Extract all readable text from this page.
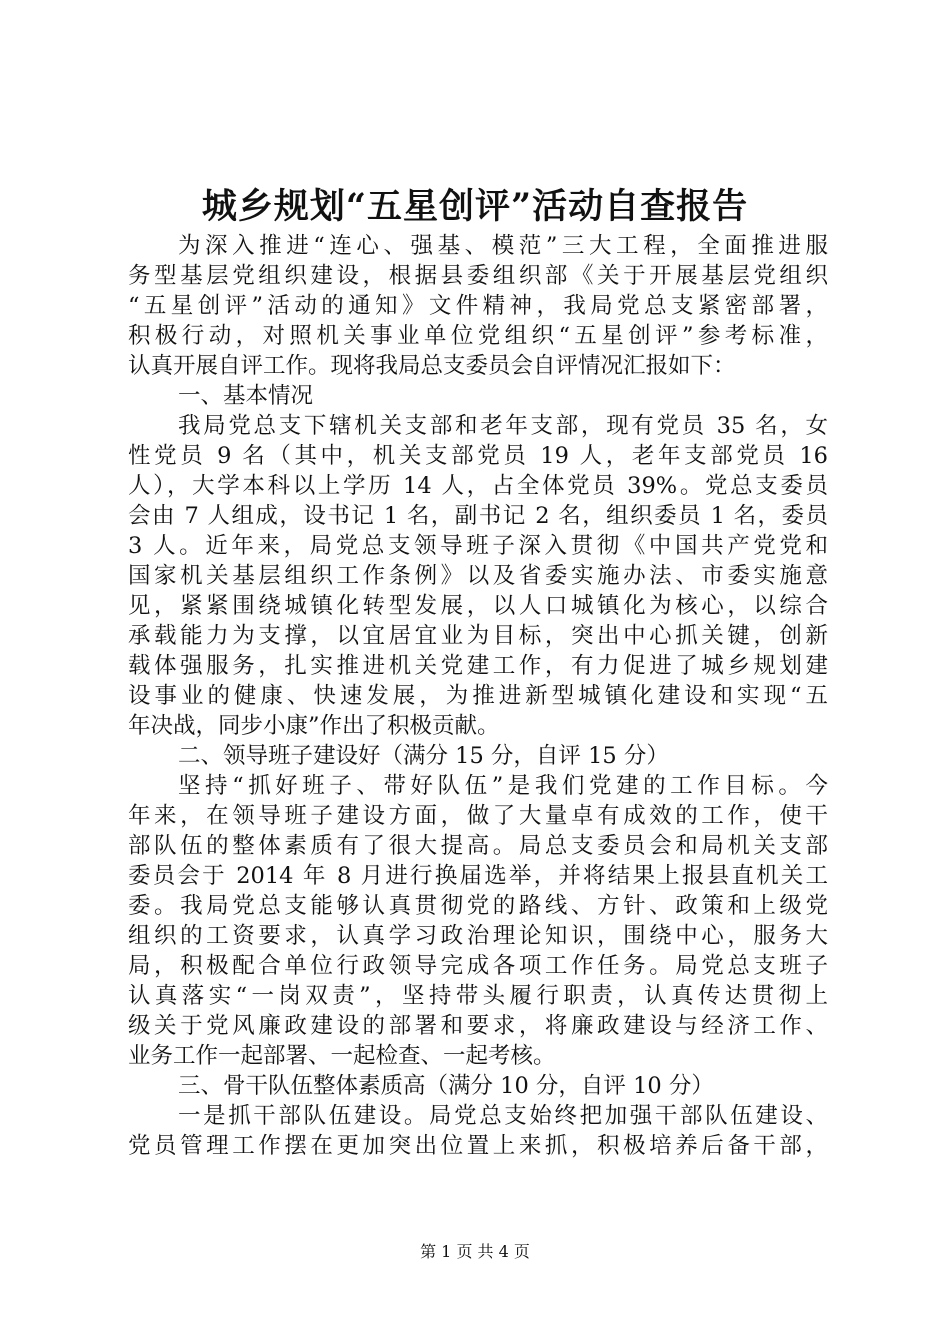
城乡规划“五星创评”活动自查报告
为深入推进“连心、强基、模范”三大工程，全面推进服
务型基层党组织建设，根据县委组织部《关于开展基层党组织
“五星创评”活动的通知》文件精神，我局党总支紧密部署，
积极行动，对照机关事业单位党组织“五星创评”参考标准，
认真开展自评工作。现将我局总支委员会自评情况汇报如下：
一、基本情况
我局党总支下辖机关支部和老年支部，现有党员 35 名，女
性党员 9 名（其中，机关支部党员 19 人，老年支部党员 16
人），大学本科以上学历 14 人，占全体党员 39%。党总支委员
会由 7 人组成，设书记 1 名，副书记 2 名，组织委员 1 名，委员
3 人。近年来，局党总支领导班子深入贯彻《中国共产党党和
国家机关基层组织工作条例》以及省委实施办法、市委实施意
见，紧紧围绕城镇化转型发展，以人口城镇化为核心，以综合
承载能力为支撑，以宜居宜业为目标，突出中心抓关键，创新
载体强服务，扎实推进机关党建工作，有力促进了城乡规划建
设事业的健康、快速发展，为推进新型城镇化建设和实现“五
年决战，同步小康”作出了积极贡献。
二、领导班子建设好（满分 15 分，自评 15 分）
坚持“抓好班子、带好队伍”是我们党建的工作目标。今
年来，在领导班子建设方面，做了大量卓有成效的工作，使干
部队伍的整体素质有了很大提高。局总支委员会和局机关支部
委员会于 2014 年 8 月进行换届选举，并将结果上报县直机关工
委。我局党总支能够认真贯彻党的路线、方针、政策和上级党
组织的工资要求，认真学习政治理论知识，围绕中心，服务大
局，积极配合单位行政领导完成各项工作任务。局党总支班子
认真落实“一岗双责”，坚持带头履行职责，认真传达贯彻上
级关于党风廉政建设的部署和要求，将廉政建设与经济工作、
业务工作一起部署、一起检查、一起考核。
三、骨干队伍整体素质高（满分 10 分，自评 10 分）
一是抓干部队伍建设。局党总支始终把加强干部队伍建设、
党员管理工作摆在更加突出位置上来抓，积极培养后备干部，
第 1 页 共 4 页
